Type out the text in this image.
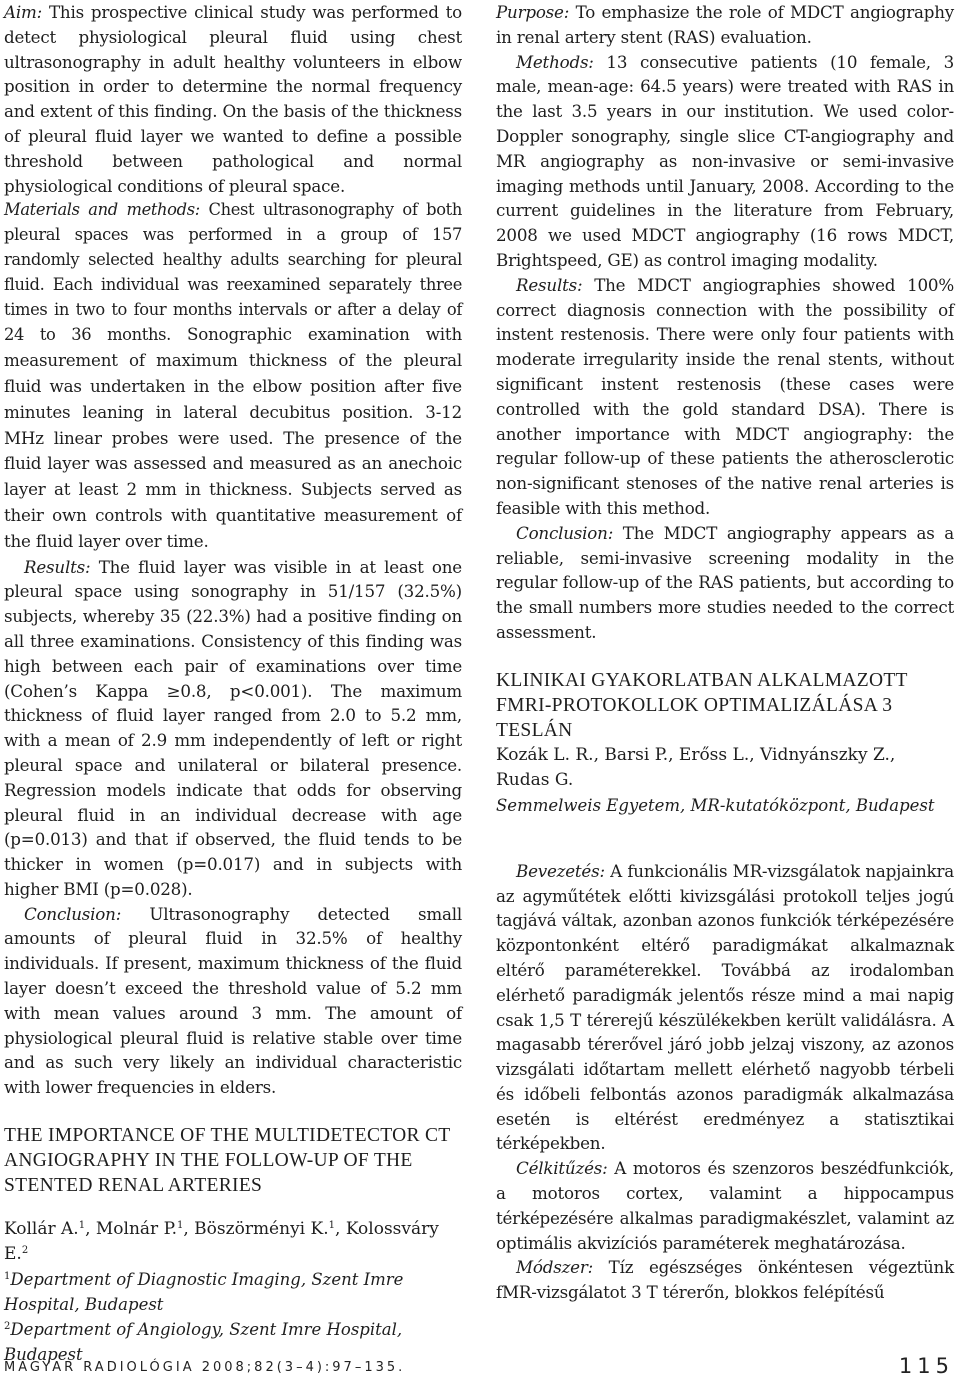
Aim: This prospective clinical study was performed to detect physiological pleural fluid using chest ultrasonography in adult healthy volunteers in elbow position in order to determine the normal frequency and extent of this finding. On the basis of the thickness of pleural fluid layer we wanted to define a possible threshold between pathological and normal physiological conditions of pleural space.

Materials and methods: Chest ultrasonography of both pleural spaces was performed in a group of 157 randomly selected healthy adults searching for pleural fluid. Each individual was reexamined separately three times in two to four months intervals or after a delay of 24 to 36 months. Sonographic examination with measurement of maximum thickness of the pleural fluid was undertaken in the elbow position after five minutes leaning in lateral decubitus position. 3-12 MHz linear probes were used. The presence of the fluid layer was assessed and measured as an anechoic layer at least 2 mm in thickness. Subjects served as their own controls with quantitative measurement of the fluid layer over time.

Results: The fluid layer was visible in at least one pleural space using sonography in 51/157 (32.5%) subjects, whereby 35 (22.3%) had a positive finding on all three examinations. Consistency of this finding was high between each pair of examinations over time (Cohen’s Kappa ≥0.8, p<0.001). The maximum thickness of fluid layer ranged from 2.0 to 5.2 mm, with a mean of 2.9 mm independently of left or right pleural space and unilateral or bilateral presence. Regression models indicate that odds for observing pleural fluid in an individual decrease with age (p=0.013) and that if observed, the fluid tends to be thicker in women (p=0.017) and in subjects with higher BMI (p=0.028).

Conclusion: Ultrasonography detected small amounts of pleural fluid in 32.5% of healthy individuals. If present, maximum thickness of the fluid layer doesn’t exceed the threshold value of 5.2 mm with mean values around 3 mm. The amount of physiological pleural fluid is relative stable over time and as such very likely an individual characteristic with lower frequencies in elders.

THE IMPORTANCE OF THE MULTIDETECTOR CT ANGIOGRAPHY IN THE FOLLOW-UP OF THE STENTED RENAL ARTERIES

Kollár A.$^1$, Molnár P.$^1$, Böszörményi K.$^1$, Kolossváry E.$^2$

$^1$Department of Diagnostic Imaging, Szent Imre Hospital, Budapest

$^2$Department of Angiology, Szent Imre Hospital, Budapest

Purpose: To emphasize the role of MDCT angiography in renal artery stent (RAS) evaluation.

Methods: 13 consecutive patients (10 female, 3 male, mean-age: 64.5 years) were treated with RAS in the last 3.5 years in our institution. We used color-Doppler sonography, single slice CT-angiography and MR angiography as non-invasive or semi-invasive imaging methods until January, 2008. According to the current guidelines in the literature from February, 2008 we used MDCT angiography (16 rows MDCT, Brightspeed, GE) as control imaging modality.

Results: The MDCT angiographies showed 100% correct diagnosis connection with the possibility of instent restenosis. There were only four patients with moderate irregularity inside the renal stents, without significant instent restenosis (these cases were controlled with the gold standard DSA). There is another importance with MDCT angiography: the regular follow-up of these patients the atherosclerotic non-significant stenoses of the native renal arteries is feasible with this method.

Conclusion: The MDCT angiography appears as a reliable, semi-invasive screening modality in the regular follow-up of the RAS patients, but according to the small numbers more studies needed to the correct assessment.

KLINIKAI GYAKORLATBAN ALKALMAZOTT FMRI-PROTOKOLLOK OPTIMALIZÁLÁSA 3 TESLÁN

Kozák L. R., Barsi P., Erőss L., Vidnyánszky Z., Rudas G.

Semmelweis Egyetem, MR-kutatóközpont, Budapest

Bevezetés: A funkcionális MR-vizsgálatok napjainkra az agyműtétek előtti kivizsgálási protokoll teljes jogú tagjává váltak, azonban azonos funkciók térképezésére központonként eltérő paradigmákat alkalmaznak eltérő paraméterekkel. Továbbá az irodalomban elérhető paradigmák jelentős része mind a mai napig csak 1,5 T térerejű készülékekben került validálásra. A magasabb térerővel járó jobb jelzaj viszony, az azonos vizsgálati időtartam mellett elérhető nagyobb térbeli és időbeli felbontás azonos paradigmák alkalmazása esetén is eltérést eredményez a statisztikai térképekben.

Célkitűzés: A motoros és szenzoros beszédfunkciók, a motoros cortex, valamint a hippocampus térképezésére alkalmas paradigmakészlet, valamint az optimális akvizíciós paraméterek meghatározása.

Módszer: Tíz egészséges önkéntesen végeztünk fMR-vizsgálatot 3 T térerőn, blokkos felépítésű

MAGYAR RADIOLÓGIA 2008;82(3–4):97–135.	115
